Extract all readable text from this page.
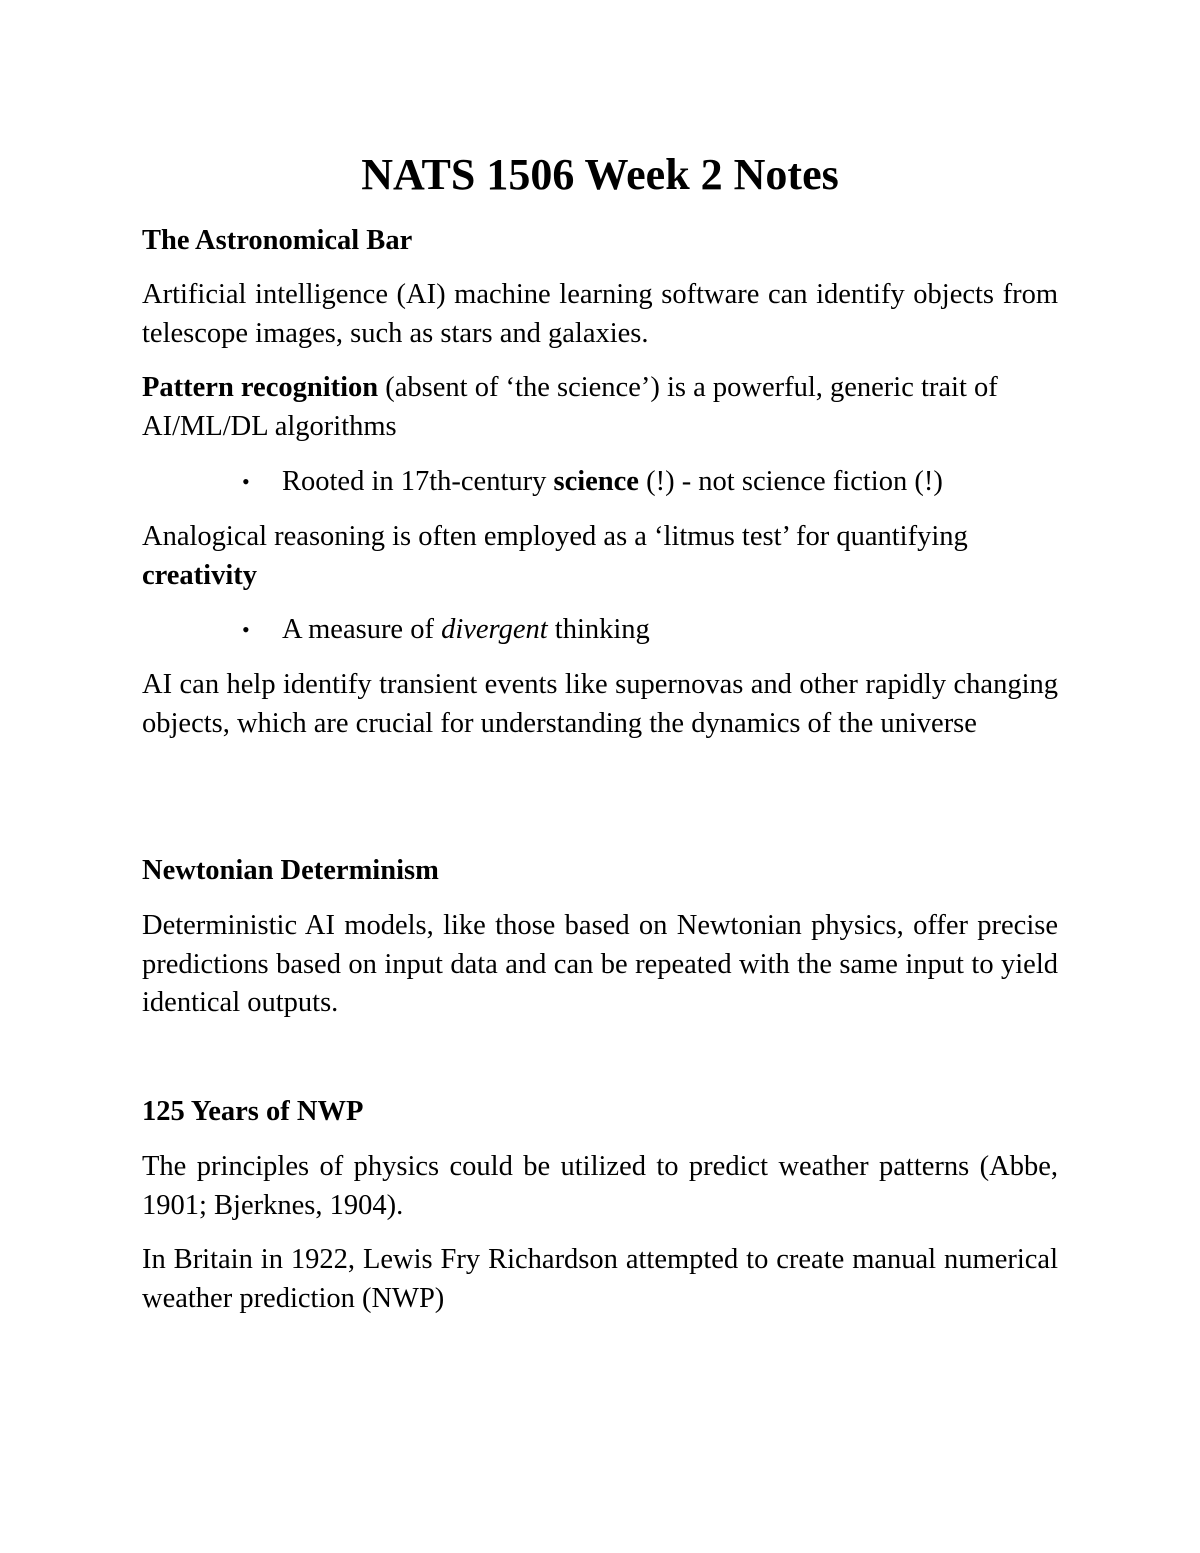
NATS 1506 Week 2 Notes
The Astronomical Bar
Artificial intelligence (AI) machine learning software can identify objects from telescope images, such as stars and galaxies.
Pattern recognition (absent of ‘the science’) is a powerful, generic trait of AI/ML/DL algorithms
• Rooted in 17th-century science (!) - not science fiction (!)
Analogical reasoning is often employed as a ‘litmus test’ for quantifying creativity
• A measure of divergent thinking
AI can help identify transient events like supernovas and other rapidly changing objects, which are crucial for understanding the dynamics of the universe
Newtonian Determinism
Deterministic AI models, like those based on Newtonian physics, offer precise predictions based on input data and can be repeated with the same input to yield identical outputs.
125 Years of NWP
The principles of physics could be utilized to predict weather patterns (Abbe, 1901; Bjerknes, 1904).
In Britain in 1922, Lewis Fry Richardson attempted to create manual numerical weather prediction (NWP)
